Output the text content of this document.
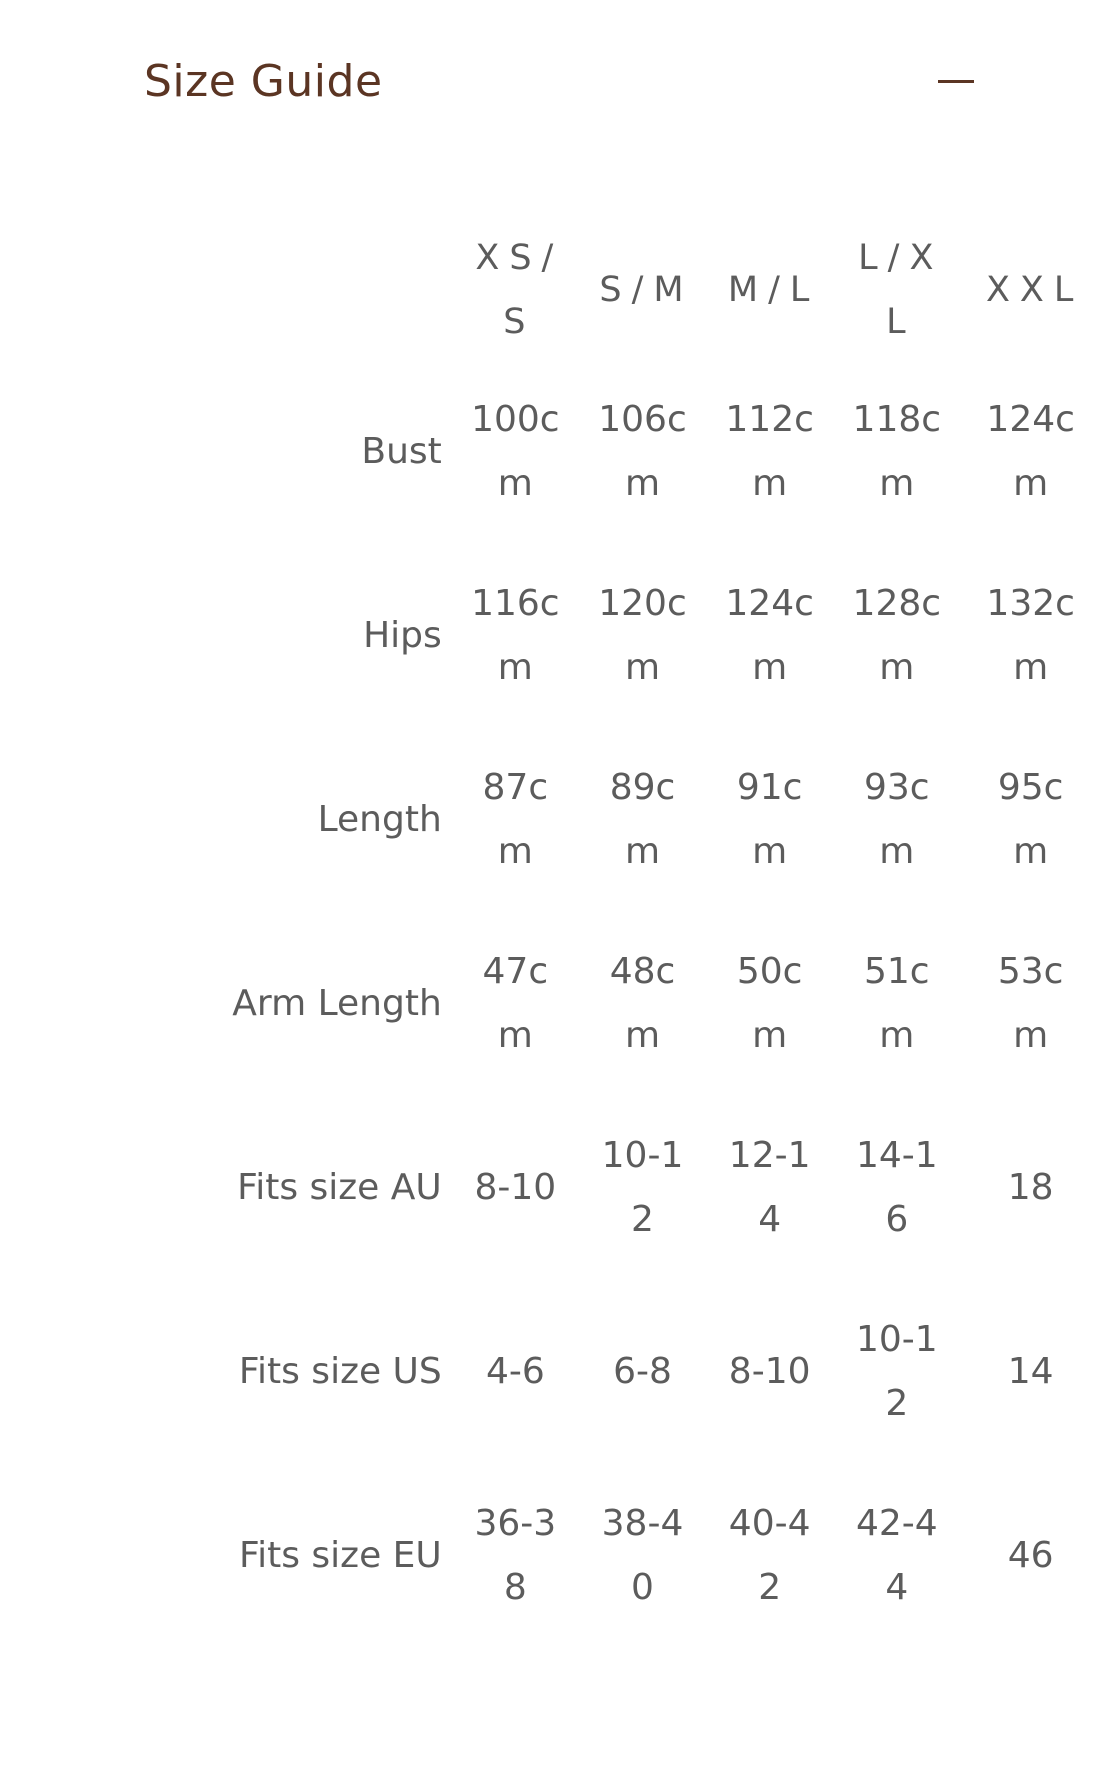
Size Guide

	XS/S	S/M	M/L	L/XL	XXL

Bust	100cm	106cm	112cm	118cm	124cm

Hips	116cm	120cm	124cm	128cm	132cm

Length	87cm	89cm	91cm	93cm	95cm

Arm Length	47cm	48cm	50cm	51cm	53cm

Fits size AU	8-10	10-12	12-14	14-16	18

Fits size US	4-6	6-8	8-10	10-12	14

Fits size EU	36-38	38-40	40-42	42-44	46
